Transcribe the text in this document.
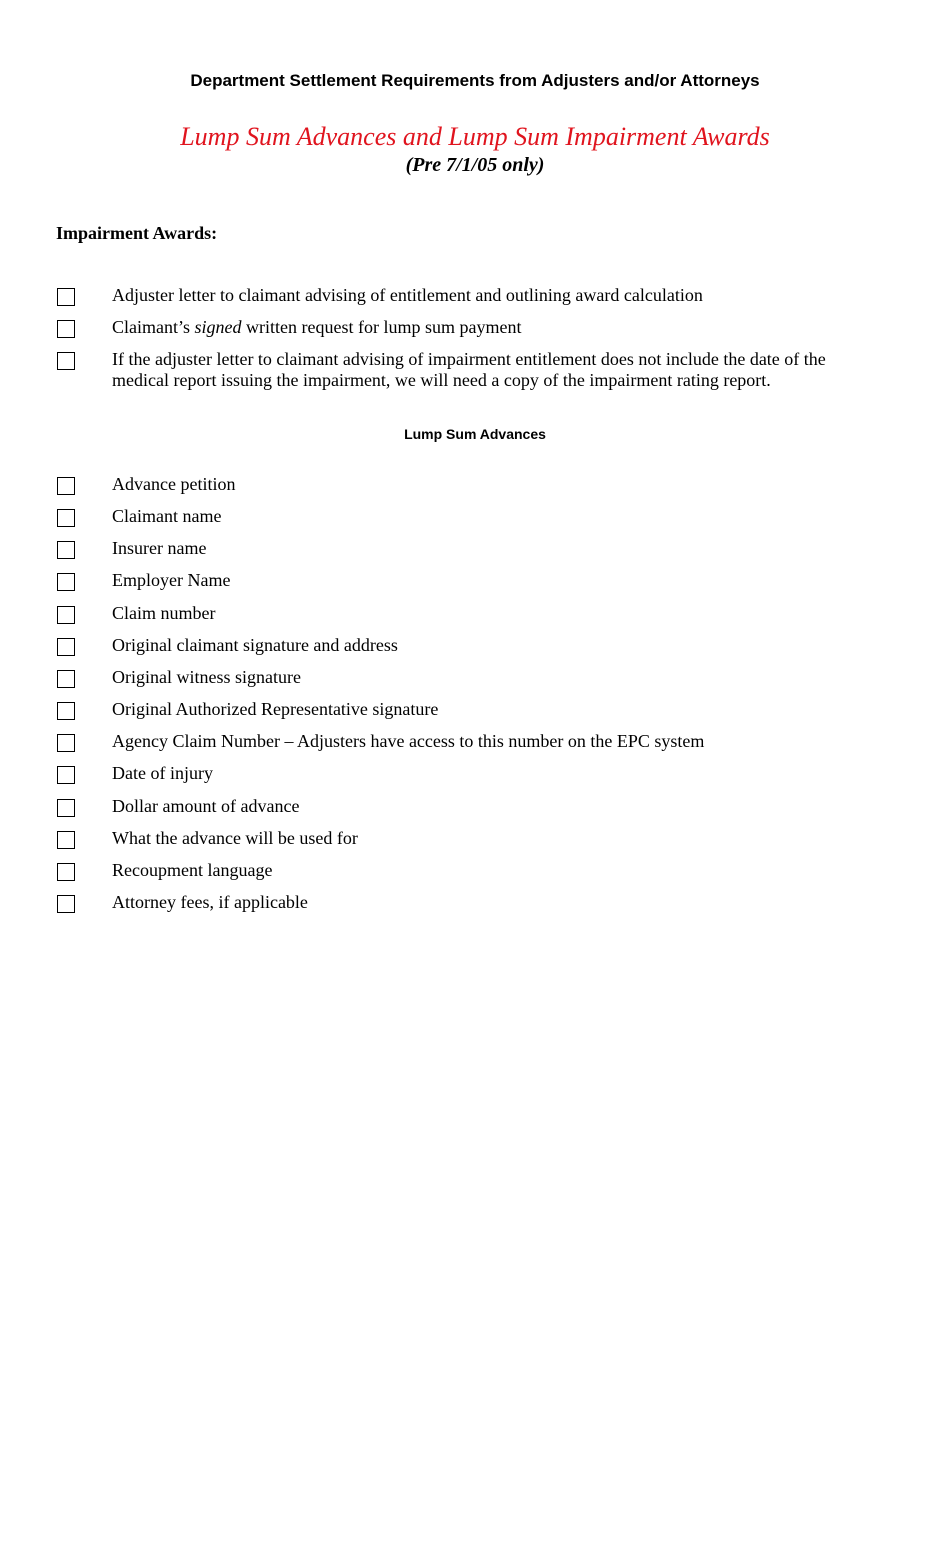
Department Settlement Requirements from Adjusters and/or Attorneys
Lump Sum Advances and Lump Sum Impairment Awards
(Pre 7/1/05 only)
Impairment Awards:
Adjuster letter to claimant advising of entitlement and outlining award calculation
Claimant’s signed written request for lump sum payment
If the adjuster letter to claimant advising of impairment entitlement does not include the date of the medical report issuing the impairment, we will need a copy of the impairment rating report.
Lump Sum Advances
Advance petition
Claimant name
Insurer name
Employer Name
Claim number
Original claimant signature and address
Original witness signature
Original Authorized Representative signature
Agency Claim Number – Adjusters have access to this number on the EPC system
Date of injury
Dollar amount of advance
What the advance will be used for
Recoupment language
Attorney fees, if applicable
